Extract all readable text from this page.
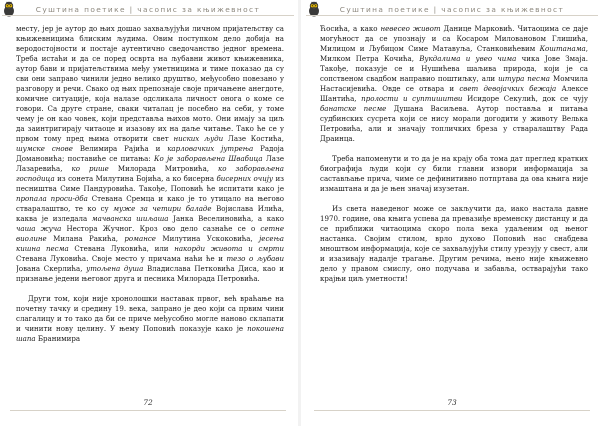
Сушт​ина поет​ике | часопис за књижевност

месту, јер је аутор до њих дошао захваљујући личном пријатељству са књижевницима блиским људима. Овим поступком дело добија на веродостојности и постаје аутентично сведочанство једног времена. Треба истаћи и да се поред осврта на љубавни живот књижевника, аутор бави и пријатељствима међу уметницима и тиме показао да су сви они заправо чинили једно велико друштво, међусобно повезано у разговору и речи. Свако од њих препознаје своје причањене анегдоте, комичне ситуације, која налазе одсликала личност онога о коме се говори. Са друге стране, сваки читалац је посебно на себи, у томе чему је он као човек, који представља њихов мото. Они имају за циљ да заинтригирају читаоце и изазову их на даље читање. Тако ће се у првом тому пред њима отворити свет ниских људи Лазе Костића, шумске снове Велимира Рајића и карловачких јутрења Радоја Домановића; поставиће се питања: Ко је заборављена Швабица Лазе Лазаревића, ко рише Милорада Митровића, ко заборављена господица из сонета Милутина Бојића, а ко бисерна бисерних очију из песништва Симе Пандуровића. Такође, Поповић ће испитати како је пропала проси-дба Стевана Сремца и како је то утицало на његово стваралаштво, те ко су муже за четири баладе Војислава Илића, каква је изледала мачванска шиљаша Јанка Веселиновића, а како чаша жуча Нестора Жучног. Кроз ово дело сазнаће се о сетне виолине Милана Ракића, романсе Милутина Ускоковића, јесења кишна песма Стевана Луковића, или накорди живота и смрти Стевана Луковића. Своје место у причама наћи ће и тезо о љубави Јована Скерлића, утољена душа Владислава Петковића Диса, као и признање једени његовог друга и песника Милорада Петровића.

Други том, који није хронолошки наставак првог, већ враћање на почетну тачку и средину 19. века, запрано је део који са првим чини слагалицу и то тако да би се приче међусобно могле наново склапати и чинити нову целину. У њему Поповић показује како је покошена шапа Бранимира

72
Сушт​ина поет​ике | часопис за књижевност

Ћосића, а како невесео живот Данице Марковић. Читаоцима се даје могућност да се упознају и са Косаром Миловановом Глишића, Милицом и Љубицом Симе Матавуља, Станковићевим Коштанама, Милком Петра Кочића, Вукдалима и увео чима чика Јове Змаја. Такође, показује се и Нушићева шаљива природа, који је са сопственом свадбом направио поштиљку, али штура песма Момчила Настасијевића. Овде се отвара и свет девојачких бежаја Алексе Шантића, пролости и суптишитви Исидоре Секулић, док се чују банатске песме Душана Васиљева. Аутор поставља и питања судбинских сусрета који се нису морали догодити у животу Велька Петровића, али и значају топличких бреза у стваралаштву Рада Драинца.

Треба напоменути и то да је на крају оба тома дат преглед кратких биографија људи који су били главни извори информација за састављање прича, чиме се дефинитивно потпртава да ова књига није измаштана и да је њен значај изузетан.

Из света наведеног може се закључити да, иако настала давне 1970. године, ова књига успева да превазиђе временску дистанцу и да се приближи читаоцима скоро пола века удаљеним од њеног настанка. Својим стилом, врло духово Поповић нас снабдева мноштвом информација, које се захваљујући стилу урезују у свест, али и изазивају надалје трагање. Другим речима, њено није књижевно дело у правом смислу, оно подучава и забавља, остварајући тако крајњи циљ уметности!

73
